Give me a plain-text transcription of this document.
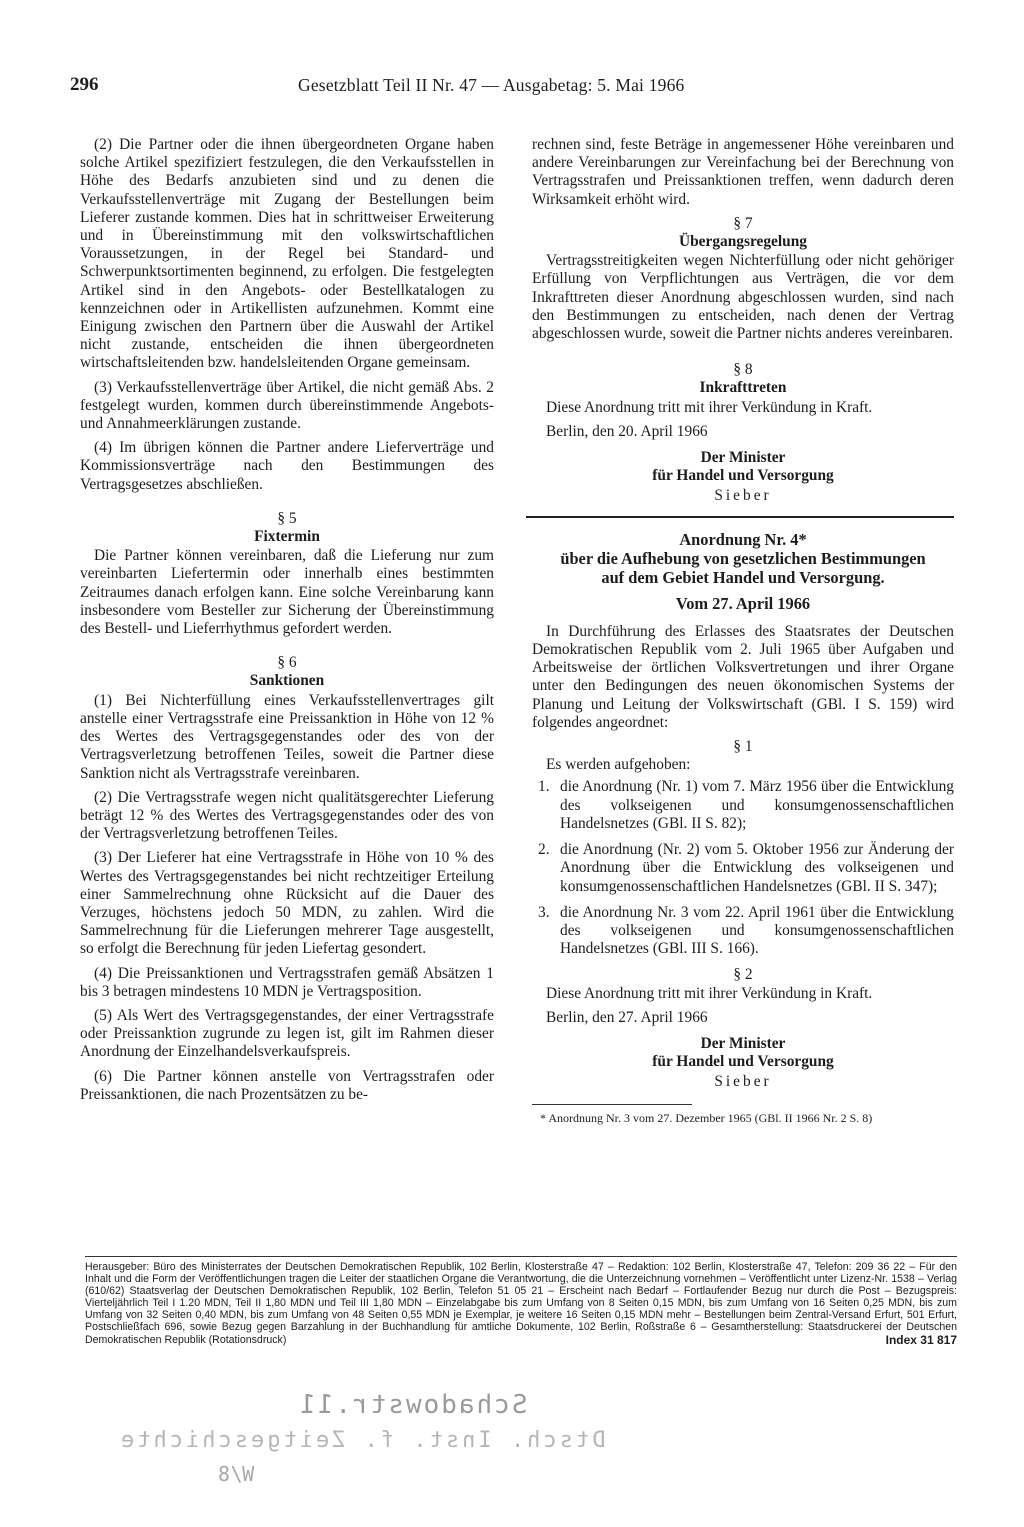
296	Gesetzblatt Teil II Nr. 47 — Ausgabetag: 5. Mai 1966

(2) Die Partner oder die ihnen übergeordneten Organe haben solche Artikel spezifiziert festzulegen, die den Verkaufsstellen in Höhe des Bedarfs anzubieten sind und zu denen die Verkaufsstellenverträge mit Zugang der Bestellungen beim Lieferer zustande kommen. Dies hat in schrittweiser Erweiterung und in Übereinstimmung mit den volkswirtschaftlichen Voraussetzungen, in der Regel bei Standard- und Schwerpunktsortimenten beginnend, zu erfolgen. Die festgelegten Artikel sind in den Angebots- oder Bestellkatalogen zu kennzeichnen oder in Artikellisten aufzunehmen. Kommt eine Einigung zwischen den Partnern über die Auswahl der Artikel nicht zustande, entscheiden die ihnen übergeordneten wirtschaftsleitenden bzw. handelsleitenden Organe gemeinsam.

(3) Verkaufsstellenverträge über Artikel, die nicht gemäß Abs. 2 festgelegt wurden, kommen durch übereinstimmende Angebots- und Annahmeerklärungen zustande.

(4) Im übrigen können die Partner andere Lieferverträge und Kommissionsverträge nach den Bestimmungen des Vertragsgesetzes abschließen.

§ 5
Fixtermin

Die Partner können vereinbaren, daß die Lieferung nur zum vereinbarten Liefertermin oder innerhalb eines bestimmten Zeitraumes danach erfolgen kann. Eine solche Vereinbarung kann insbesondere vom Besteller zur Sicherung der Übereinstimmung des Bestell- und Lieferrhythmus gefordert werden.

§ 6
Sanktionen

(1) Bei Nichterfüllung eines Verkaufsstellenvertrages gilt anstelle einer Vertragsstrafe eine Preissanktion in Höhe von 12 % des Wertes des Vertragsgegenstandes oder des von der Vertragsverletzung betroffenen Teiles, soweit die Partner diese Sanktion nicht als Vertragsstrafe vereinbaren.

(2) Die Vertragsstrafe wegen nicht qualitätsgerechter Lieferung beträgt 12 % des Wertes des Vertragsgegenstandes oder des von der Vertragsverletzung betroffenen Teiles.

(3) Der Lieferer hat eine Vertragsstrafe in Höhe von 10 % des Wertes des Vertragsgegenstandes bei nicht rechtzeitiger Erteilung einer Sammelrechnung ohne Rücksicht auf die Dauer des Verzuges, höchstens jedoch 50 MDN, zu zahlen. Wird die Sammelrechnung für die Lieferungen mehrerer Tage ausgestellt, so erfolgt die Berechnung für jeden Liefertag gesondert.

(4) Die Preissanktionen und Vertragsstrafen gemäß Absätzen 1 bis 3 betragen mindestens 10 MDN je Vertragsposition.

(5) Als Wert des Vertragsgegenstandes, der einer Vertragsstrafe oder Preissanktion zugrunde zu legen ist, gilt im Rahmen dieser Anordnung der Einzelhandelsverkaufspreis.

(6) Die Partner können anstelle von Vertragsstrafen oder Preissanktionen, die nach Prozentsätzen zu be-

rechnen sind, feste Beträge in angemessener Höhe vereinbaren und andere Vereinbarungen zur Vereinfachung bei der Berechnung von Vertragsstrafen und Preissanktionen treffen, wenn dadurch deren Wirksamkeit erhöht wird.

§ 7
Übergangsregelung

Vertragsstreitigkeiten wegen Nichterfüllung oder nicht gehöriger Erfüllung von Verpflichtungen aus Verträgen, die vor dem Inkrafttreten dieser Anordnung abgeschlossen wurden, sind nach den Bestimmungen zu entscheiden, nach denen der Vertrag abgeschlossen wurde, soweit die Partner nichts anderes vereinbaren.

§ 8
Inkrafttreten

Diese Anordnung tritt mit ihrer Verkündung in Kraft.

Berlin, den 20. April 1966
Der Minister
für Handel und Versorgung
Sieber
Anordnung Nr. 4*
über die Aufhebung von gesetzlichen Bestimmungen
auf dem Gebiet Handel und Versorgung.
Vom 27. April 1966

In Durchführung des Erlasses des Staatsrates der Deutschen Demokratischen Republik vom 2. Juli 1965 über Aufgaben und Arbeitsweise der örtlichen Volksvertretungen und ihrer Organe unter den Bedingungen des neuen ökonomischen Systems der Planung und Leitung der Volkswirtschaft (GBl. I S. 159) wird folgendes angeordnet:

§ 1
Es werden aufgehoben:
1. die Anordnung (Nr. 1) vom 7. März 1956 über die Entwicklung des volkseigenen und konsumgenossenschaftlichen Handelsnetzes (GBl. II S. 82);
2. die Anordnung (Nr. 2) vom 5. Oktober 1956 zur Änderung der Anordnung über die Entwicklung des volkseigenen und konsumgenossenschaftlichen Handelsnetzes (GBl. II S. 347);
3. die Anordnung Nr. 3 vom 22. April 1961 über die Entwicklung des volkseigenen und konsumgenossenschaftlichen Handelsnetzes (GBl. III S. 166).
§ 2

Diese Anordnung tritt mit ihrer Verkündung in Kraft.

Berlin, den 27. April 1966
Der Minister
für Handel und Versorgung
Sieber
* Anordnung Nr. 3 vom 27. Dezember 1965 (GBl. II 1966 Nr. 2 S. 8)
Herausgeber: Büro des Ministerrates der Deutschen Demokratischen Republik, 102 Berlin, Klosterstraße 47 – Redaktion: 102 Berlin, Klosterstraße 47, Telefon: 209 36 22 – Für den Inhalt und die Form der Veröffentlichungen tragen die Leiter der staatlichen Organe die Verantwortung, die die Unterzeichnung vornehmen – Veröffentlicht unter Lizenz-Nr. 1538 – Verlag (610/62) Staatsverlag der Deutschen Demokratischen Republik, 102 Berlin, Telefon 51 05 21 – Erscheint nach Bedarf – Fortlaufender Bezug nur durch die Post – Bezugspreis: Vierteljährlich Teil I 1.20 MDN, Teil II 1,80 MDN und Teil III 1,80 MDN – Einzelabgabe bis zum Umfang von 8 Seiten 0,15 MDN, bis zum Umfang von 16 Seiten 0,25 MDN, bis zum Umfang von 32 Seiten 0,40 MDN, bis zum Umfang von 48 Seiten 0,55 MDN je Exemplar, je weitere 16 Seiten 0,15 MDN mehr – Bestellungen beim Zentral-Versand Erfurt, 501 Erfurt, Postschließfach 696, sowie Bezug gegen Barzahlung in der Buchhandlung für amtliche Dokumente, 102 Berlin, Roßstraße 6 – Gesamtherstellung: Staatsdruckerei der Deutschen Demokratischen Republik (Rotationsdruck)	Index 31 817
Schadowstr.11
Dtsch. Inst. f. Zeitgeschichte
W/8
